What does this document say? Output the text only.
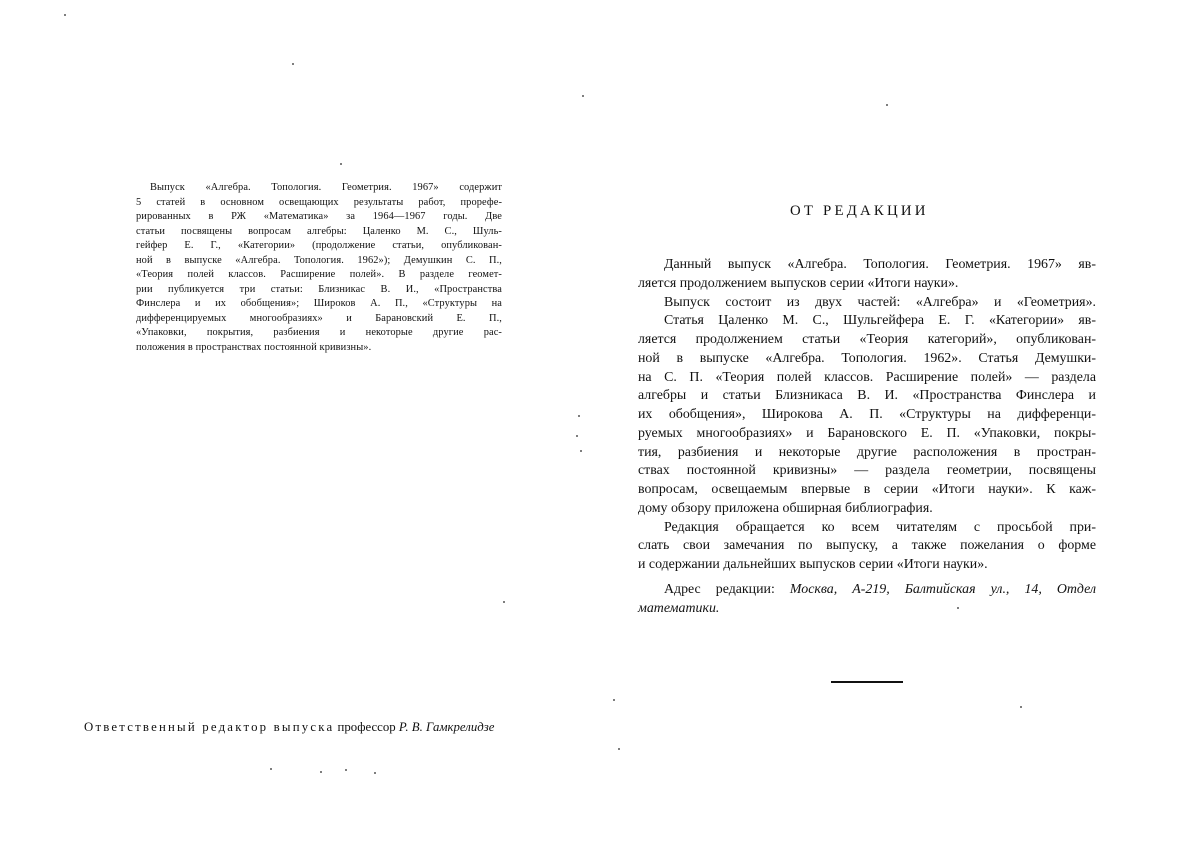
Выпуск «Алгебра. Топология. Геометрия. 1967» содержит
5 статей в основном освещающих результаты работ, прорефе-
рированных в РЖ «Математика» за 1964—1967 годы. Две
статьи посвящены вопросам алгебры: Цаленко М. С., Шуль-
гейфер Е. Г., «Категории» (продолжение статьи, опубликован-
ной в выпуске «Алгебра. Топология. 1962»); Демушкин С. П.,
«Теория полей классов. Расширение полей». В разделе геомет-
рии публикуется три статьи: Близникас В. И., «Пространства
Финслера и их обобщения»; Широков А. П., «Структуры на
дифференцируемых многообразиях» и Барановский Е. П.,
«Упаковки, покрытия, разбиения и некоторые другие рас-
положения в пространствах постоянной кривизны».
Ответственный редактор выпуска профессор Р. В. Гамкрелидзе
ОТ РЕДАКЦИИ

Данный выпуск «Алгебра. Топология. Геометрия. 1967» яв-
ляется продолжением выпусков серии «Итоги науки».

Выпуск состоит из двух частей: «Алгебра» и «Геометрия».

Статья Цаленко М. С., Шульгейфера Е. Г. «Категории» яв-
ляется продолжением статьи «Теория категорий», опубликован-
ной в выпуске «Алгебра. Топология. 1962». Статья Демушки-
на С. П. «Теория полей классов. Расширение полей» — раздела
алгебры и статьи Близникаса В. И. «Пространства Финслера и
их обобщения», Широкова А. П. «Структуры на дифференци-
руемых многообразиях» и Барановского Е. П. «Упаковки, покры-
тия, разбиения и некоторые другие расположения в простран-
ствах постоянной кривизны» — раздела геометрии, посвящены
вопросам, освещаемым впервые в серии «Итоги науки». К каж-
дому обзору приложена обширная библиография.

Редакция обращается ко всем читателям с просьбой при-
слать свои замечания по выпуску, а также пожелания о форме
и содержании дальнейших выпусков серии «Итоги науки».

Адрес редакции: Москва, А-219, Балтийская ул., 14, Отдел
математики.
